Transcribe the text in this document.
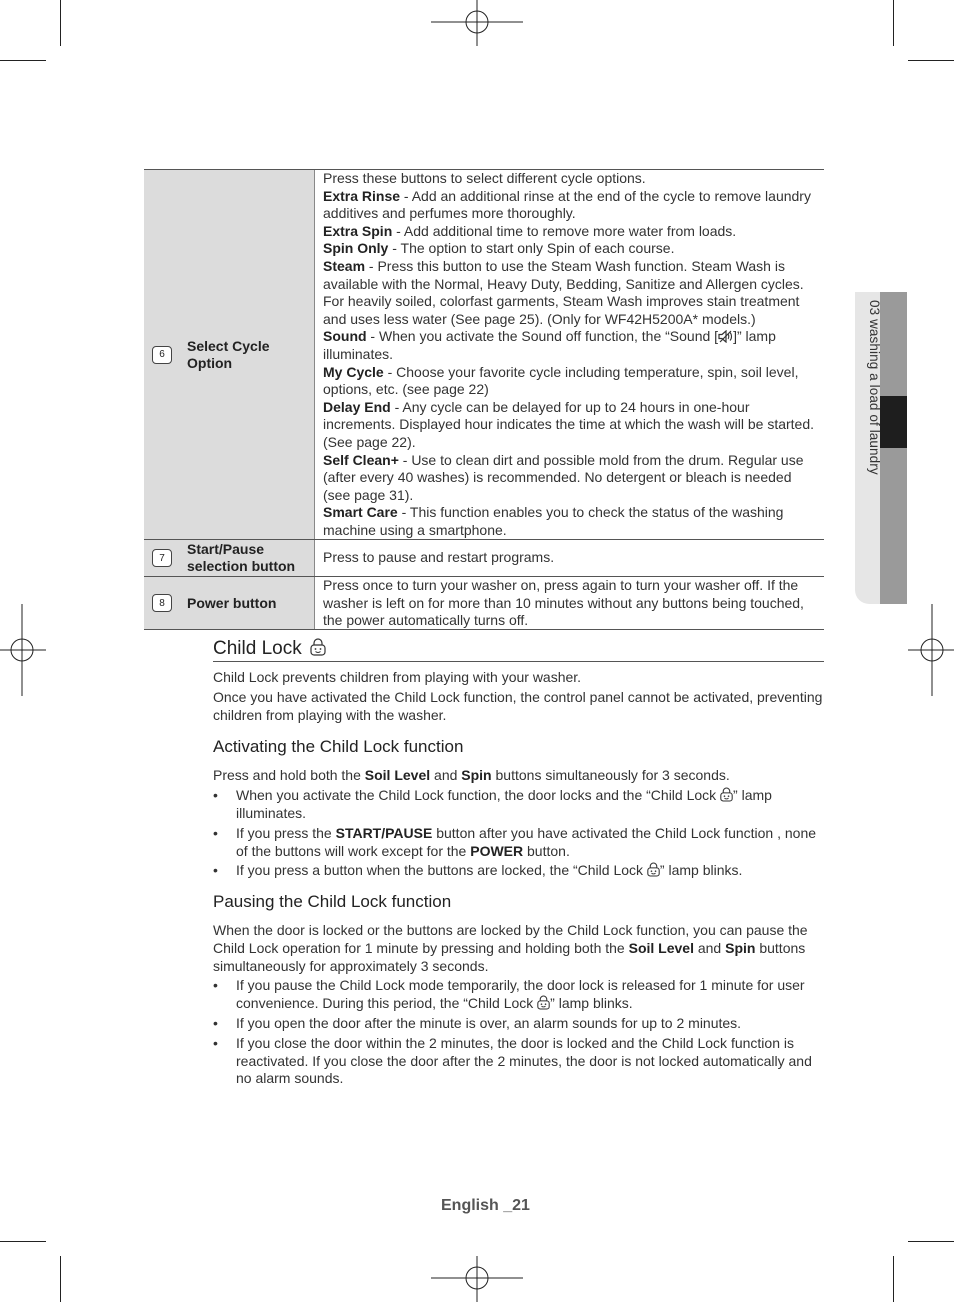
03 washing a load of laundry
6
Select Cycle Option

Press these buttons to select different cycle options.

Extra Rinse - Add an additional rinse at the end of the cycle to remove laundry additives and perfumes more thoroughly.

Extra Spin - Add additional time to remove more water from loads.

Spin Only - The option to start only Spin of each course.

Steam - Press this button to use the Steam Wash function. Steam Wash is available with the Normal, Heavy Duty, Bedding, Sanitize and Allergen cycles. For heavily soiled, colorfast garments, Steam Wash improves stain treatment and uses less water (See page 25). (Only for WF42H5200A* models.)

Sound - When you activate the Sound off function, the “Sound [ ]” lamp illuminates.

My Cycle - Choose your favorite cycle including temperature, spin, soil level, options, etc. (see page 22)

Delay End - Any cycle can be delayed for up to 24 hours in one-hour increments. Displayed hour indicates the time at which the wash will be started. (See page 22).

Self Clean+ - Use to clean dirt and possible mold from the drum. Regular use (after every 40 washes) is recommended. No detergent or bleach is needed (see page 31).

Smart Care - This function enables you to check the status of the washing machine using a smartphone.

7
Start/Pause selection button
Press to pause and restart programs.
8	Power button
Press once to turn your washer on, press again to turn your washer off. If the washer is left on for more than 10 minutes without any buttons being touched, the power automatically turns off.
Child Lock

Child Lock prevents children from playing with your washer.

Once you have activated the Child Lock function, the control panel cannot be activated, preventing children from playing with the washer.

Activating the Child Lock function

Press and hold both the Soil Level and Spin buttons simultaneously for 3 seconds.

• When you activate the Child Lock function, the door locks and the “Child Lock ” lamp illuminates.
• If you press the START/PAUSE button after you have activated the Child Lock function , none of the buttons will work except for the POWER button.
• If you press a button when the buttons are locked, the “Child Lock ” lamp blinks.
Pausing the Child Lock function

When the door is locked or the buttons are locked by the Child Lock function, you can pause the Child Lock operation for 1 minute by pressing and holding both the Soil Level and Spin buttons simultaneously for approximately 3 seconds.

• If you pause the Child Lock mode temporarily, the door lock is released for 1 minute for user convenience. During this period, the “Child Lock ” lamp blinks.
• If you open the door after the minute is over, an alarm sounds for up to 2 minutes.
• If you close the door within the 2 minutes, the door is locked and the Child Lock function is reactivated. If you close the door after the 2 minutes, the door is not locked automatically and no alarm sounds.
English _21
